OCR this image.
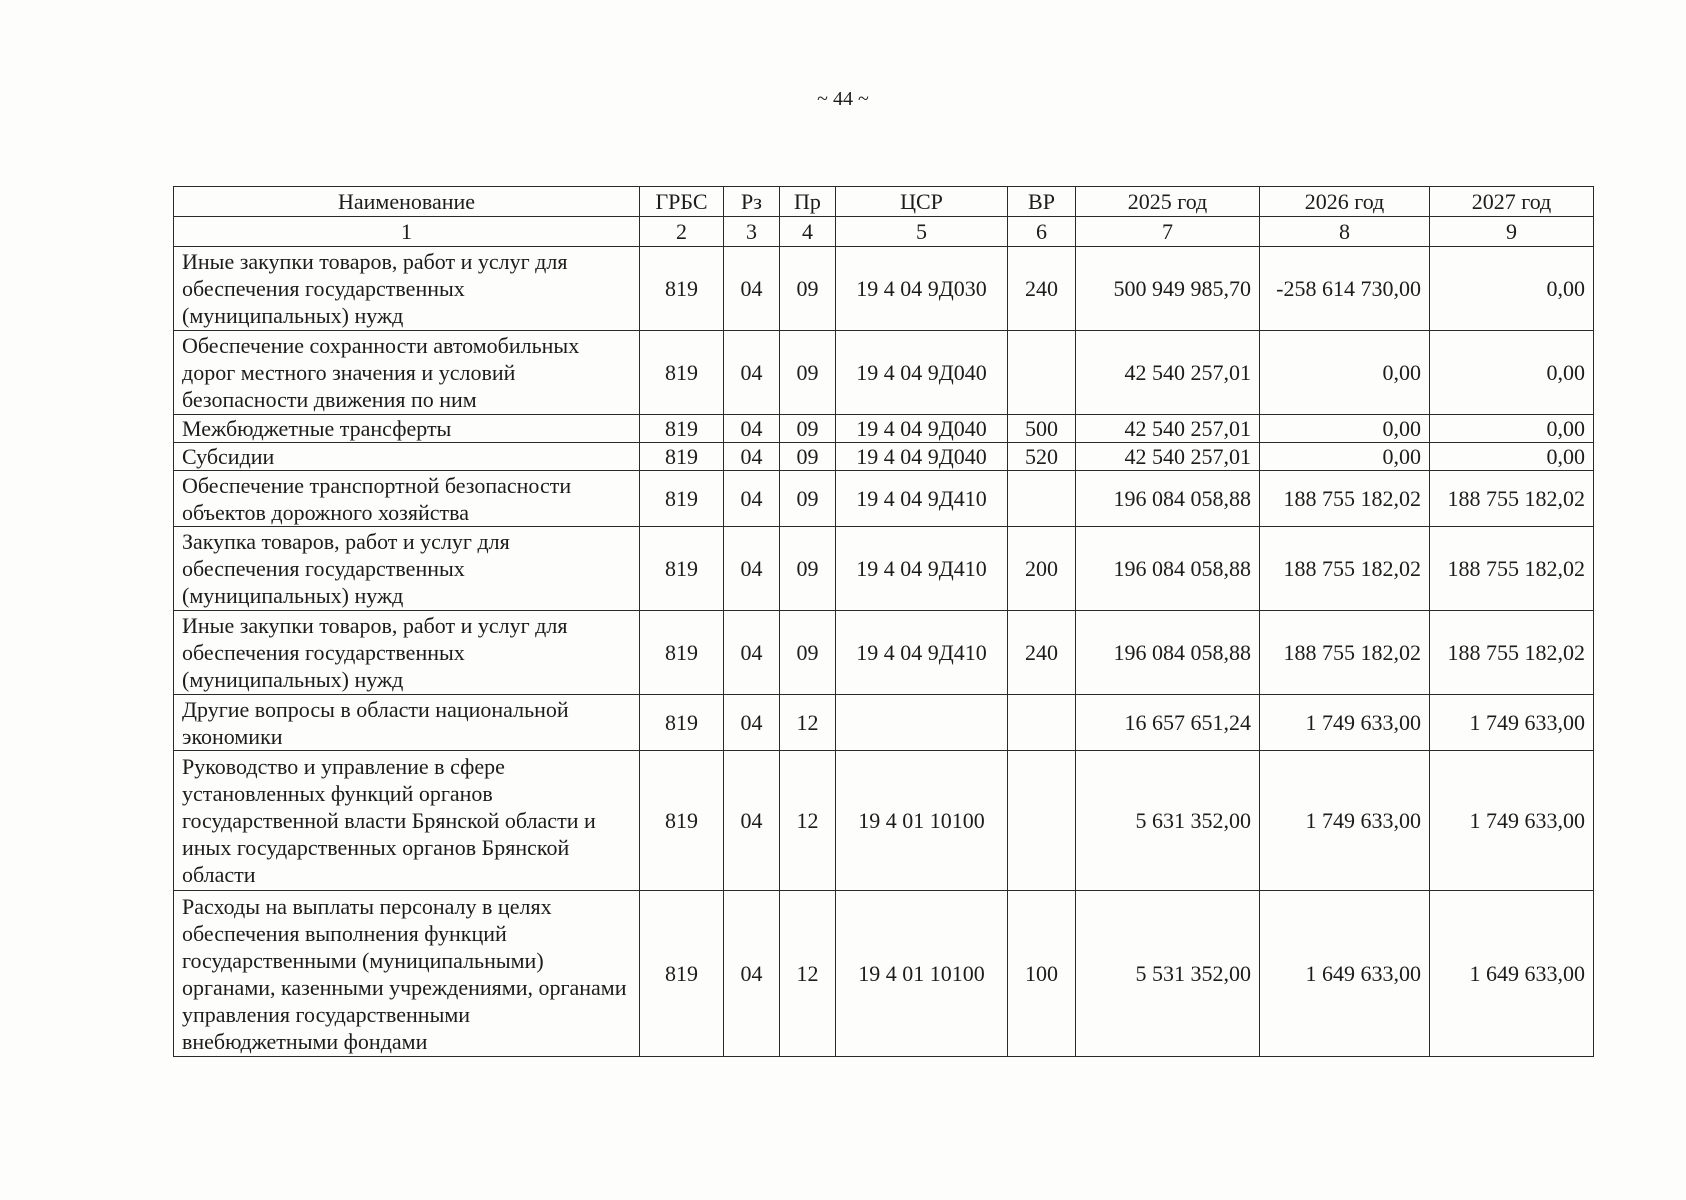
~ 44 ~
Наименование	ГРБС	Рз	Пр	ЦСР	ВР	2025 год	2026 год	2027 год
1	2	3	4	5	6	7	8	9
Иные закупки товаров, работ и услуг для обеспечения государственных (муниципальных) нужд	819	04	09	19 4 04 9Д030	240	500 949 985,70	-258 614 730,00	0,00
Обеспечение сохранности автомобильных дорог местного значения и условий безопасности движения по ним	819	04	09	19 4 04 9Д040		42 540 257,01	0,00	0,00
Межбюджетные трансферты	819	04	09	19 4 04 9Д040	500	42 540 257,01	0,00	0,00
Субсидии	819	04	09	19 4 04 9Д040	520	42 540 257,01	0,00	0,00
Обеспечение транспортной безопасности объектов дорожного хозяйства	819	04	09	19 4 04 9Д410		196 084 058,88	188 755 182,02	188 755 182,02
Закупка товаров, работ и услуг для обеспечения государственных (муниципальных) нужд	819	04	09	19 4 04 9Д410	200	196 084 058,88	188 755 182,02	188 755 182,02
Иные закупки товаров, работ и услуг для обеспечения государственных (муниципальных) нужд	819	04	09	19 4 04 9Д410	240	196 084 058,88	188 755 182,02	188 755 182,02
Другие вопросы в области национальной экономики	819	04	12			16 657 651,24	1 749 633,00	1 749 633,00
Руководство и управление в сфере установленных функций органов государственной власти Брянской области и иных государственных органов Брянской области	819	04	12	19 4 01 10100		5 631 352,00	1 749 633,00	1 749 633,00
Расходы на выплаты персоналу в целях обеспечения выполнения функций государственными (муниципальными) органами, казенными учреждениями, органами управления государственными внебюджетными фондами	819	04	12	19 4 01 10100	100	5 531 352,00	1 649 633,00	1 649 633,00
